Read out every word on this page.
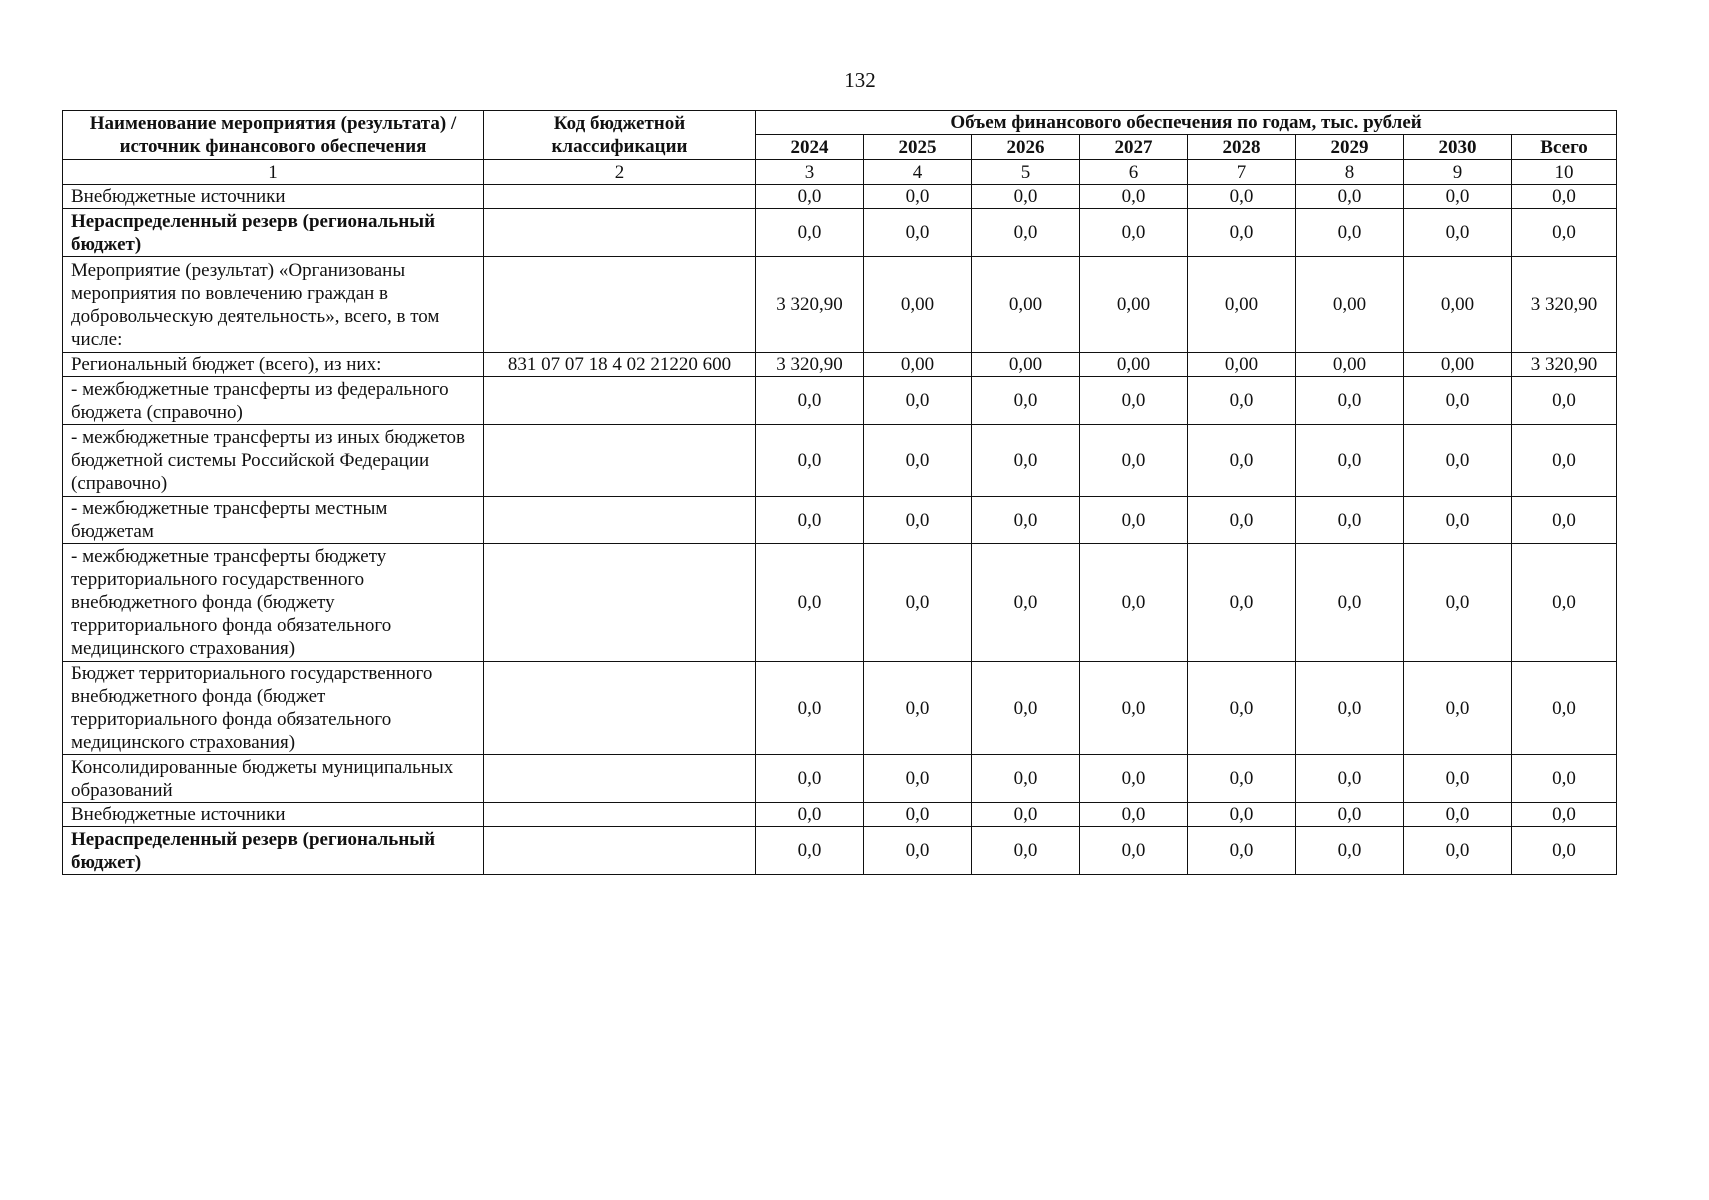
132
Наименование мероприятия (результата) /источник финансового обеспечения	Код бюджетной классификации	Объем финансового обеспечения по годам, тыс. рублей							
		2024	2025	2026	2027	2028	2029	2030	Всего
1	2	3	4	5	6	7	8	9	10
Внебюджетные источники		0,0	0,0	0,0	0,0	0,0	0,0	0,0	0,0
Нераспределенный резерв (региональный бюджет)		0,0	0,0	0,0	0,0	0,0	0,0	0,0	0,0
Мероприятие (результат) «Организованы мероприятия по вовлечению граждан в добровольческую деятельность», всего, в том числе:		3 320,90	0,00	0,00	0,00	0,00	0,00	0,00	3 320,90
Региональный бюджет (всего), из них:	831 07 07 18 4 02 21220 600	3 320,90	0,00	0,00	0,00	0,00	0,00	0,00	3 320,90
- межбюджетные трансферты из федерального бюджета (справочно)		0,0	0,0	0,0	0,0	0,0	0,0	0,0	0,0
- межбюджетные трансферты из иных бюджетов бюджетной системы Российской Федерации (справочно)		0,0	0,0	0,0	0,0	0,0	0,0	0,0	0,0
- межбюджетные трансферты местным бюджетам		0,0	0,0	0,0	0,0	0,0	0,0	0,0	0,0
- межбюджетные трансферты бюджету территориального государственного внебюджетного фонда (бюджету территориального фонда обязательного медицинского страхования)		0,0	0,0	0,0	0,0	0,0	0,0	0,0	0,0
Бюджет территориального государственного внебюджетного фонда (бюджет территориального фонда обязательного медицинского страхования)		0,0	0,0	0,0	0,0	0,0	0,0	0,0	0,0
Консолидированные бюджеты муниципальных образований		0,0	0,0	0,0	0,0	0,0	0,0	0,0	0,0
Внебюджетные источники		0,0	0,0	0,0	0,0	0,0	0,0	0,0	0,0
Нераспределенный резерв (региональный бюджет)		0,0	0,0	0,0	0,0	0,0	0,0	0,0	0,0
